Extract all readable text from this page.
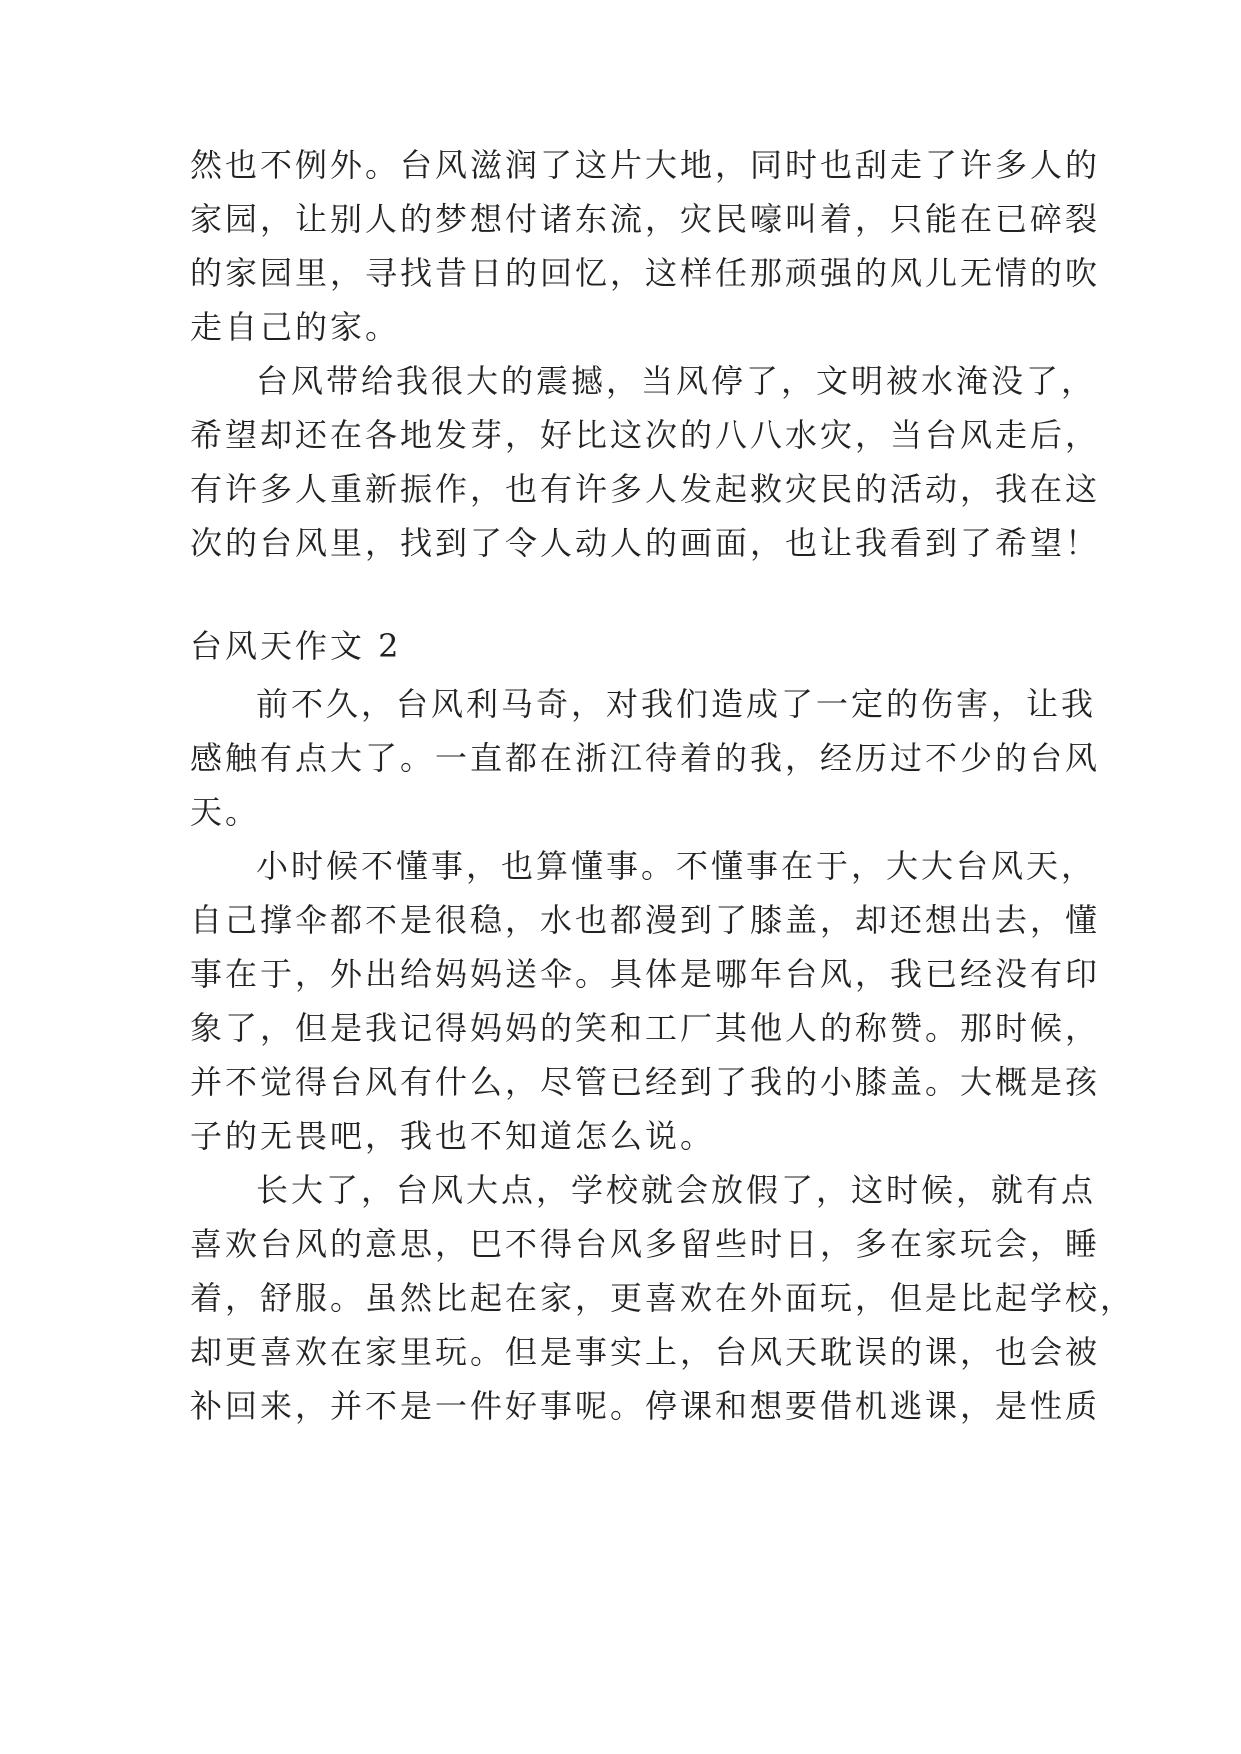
然也不例外。台风滋润了这片大地，同时也刮走了许多人的
家园，让别人的梦想付诸东流，灾民嚎叫着，只能在已碎裂
的家园里，寻找昔日的回忆，这样任那顽强的风儿无情的吹
走自己的家。
台风带给我很大的震撼，当风停了，文明被水淹没了，
希望却还在各地发芽，好比这次的八八水灾，当台风走后，
有许多人重新振作，也有许多人发起救灾民的活动，我在这
次的台风里，找到了令人动人的画面，也让我看到了希望！
台风天作文 2
前不久，台风利马奇，对我们造成了一定的伤害，让我
感触有点大了。一直都在浙江待着的我，经历过不少的台风
天。
小时候不懂事，也算懂事。不懂事在于，大大台风天，
自己撑伞都不是很稳，水也都漫到了膝盖，却还想出去，懂
事在于，外出给妈妈送伞。具体是哪年台风，我已经没有印
象了，但是我记得妈妈的笑和工厂其他人的称赞。那时候，
并不觉得台风有什么，尽管已经到了我的小膝盖。大概是孩
子的无畏吧，我也不知道怎么说。
长大了，台风大点，学校就会放假了，这时候，就有点
喜欢台风的意思，巴不得台风多留些时日，多在家玩会，睡
着，舒服。虽然比起在家，更喜欢在外面玩，但是比起学校，
却更喜欢在家里玩。但是事实上，台风天耽误的课，也会被
补回来，并不是一件好事呢。停课和想要借机逃课，是性质
